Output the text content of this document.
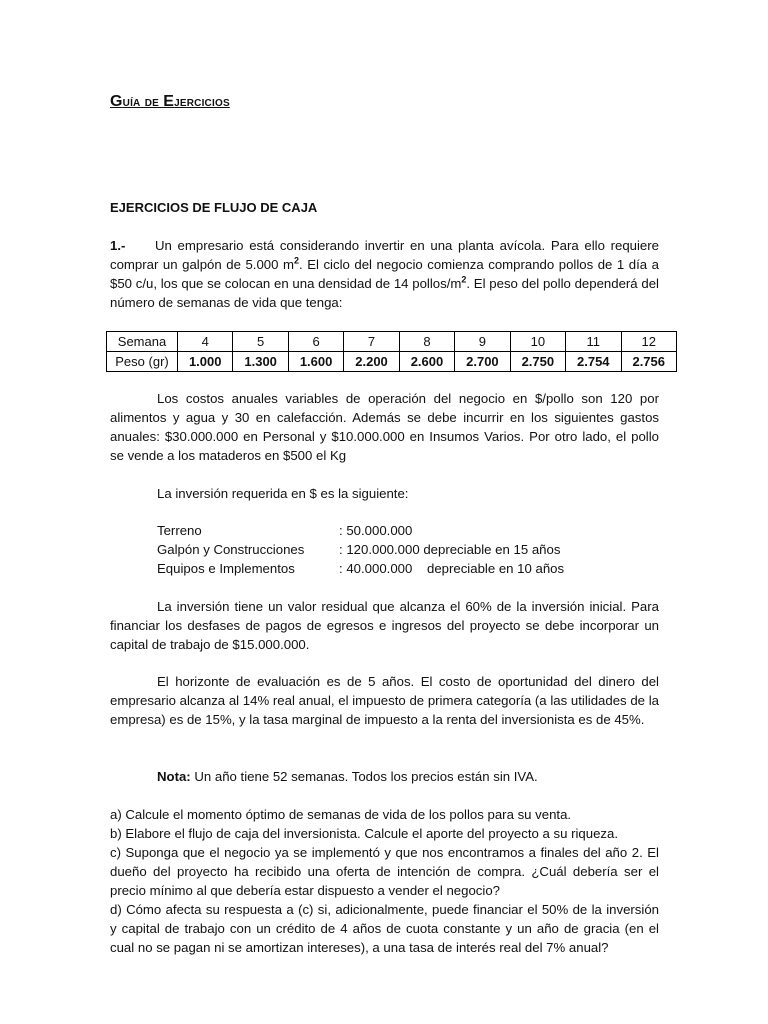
Guía de Ejercicios
EJERCICIOS DE FLUJO DE CAJA
1.- Un empresario está considerando invertir en una planta avícola. Para ello requiere comprar un galpón de 5.000 $m^2$. El ciclo del negocio comienza comprando pollos de 1 día a $50 c/u, los que se colocan en una densidad de 14 pollos/$m^2$. El peso del pollo dependerá del número de semanas de vida que tenga:
Semana	4	5	6	7	8	9	10	11	12
Peso (gr)	1.000	1.300	1.600	2.200	2.600	2.700	2.750	2.754	2.756
Los costos anuales variables de operación del negocio en $/pollo son 120 por alimentos y agua y 30 en calefacción. Además se debe incurrir en los siguientes gastos anuales: $30.000.000 en Personal y $10.000.000 en Insumos Varios. Por otro lado, el pollo se vende a los mataderos en $500 el Kg
La inversión requerida en $ es la siguiente:
Terreno	: 50.000.000
Galpón y Construcciones	: 120.000.000 depreciable en 15 años
Equipos e Implementos	: 40.000.000    depreciable en 10 años
La inversión tiene un valor residual que alcanza el 60% de la inversión inicial. Para financiar los desfases de pagos de egresos e ingresos del proyecto se debe incorporar un capital de trabajo de $15.000.000.
El horizonte de evaluación es de 5 años. El costo de oportunidad del dinero del empresario alcanza al 14% real anual, el impuesto de primera categoría (a las utilidades de la empresa) es de 15%, y la tasa marginal de impuesto a la renta del inversionista es de 45%.
Nota: Un año tiene 52 semanas. Todos los precios están sin IVA.

a) Calcule el momento óptimo de semanas de vida de los pollos para su venta.

b) Elabore el flujo de caja del inversionista. Calcule el aporte del proyecto a su riqueza.

c) Suponga que el negocio ya se implementó y que nos encontramos a finales del año 2. El dueño del proyecto ha recibido una oferta de intención de compra. ¿Cuál debería ser el precio mínimo al que debería estar dispuesto a vender el negocio?

d) Cómo afecta su respuesta a (c) si, adicionalmente, puede financiar el 50% de la inversión y capital de trabajo con un crédito de 4 años de cuota constante y un año de gracia (en el cual no se pagan ni se amortizan intereses), a una tasa de interés real del 7% anual?
